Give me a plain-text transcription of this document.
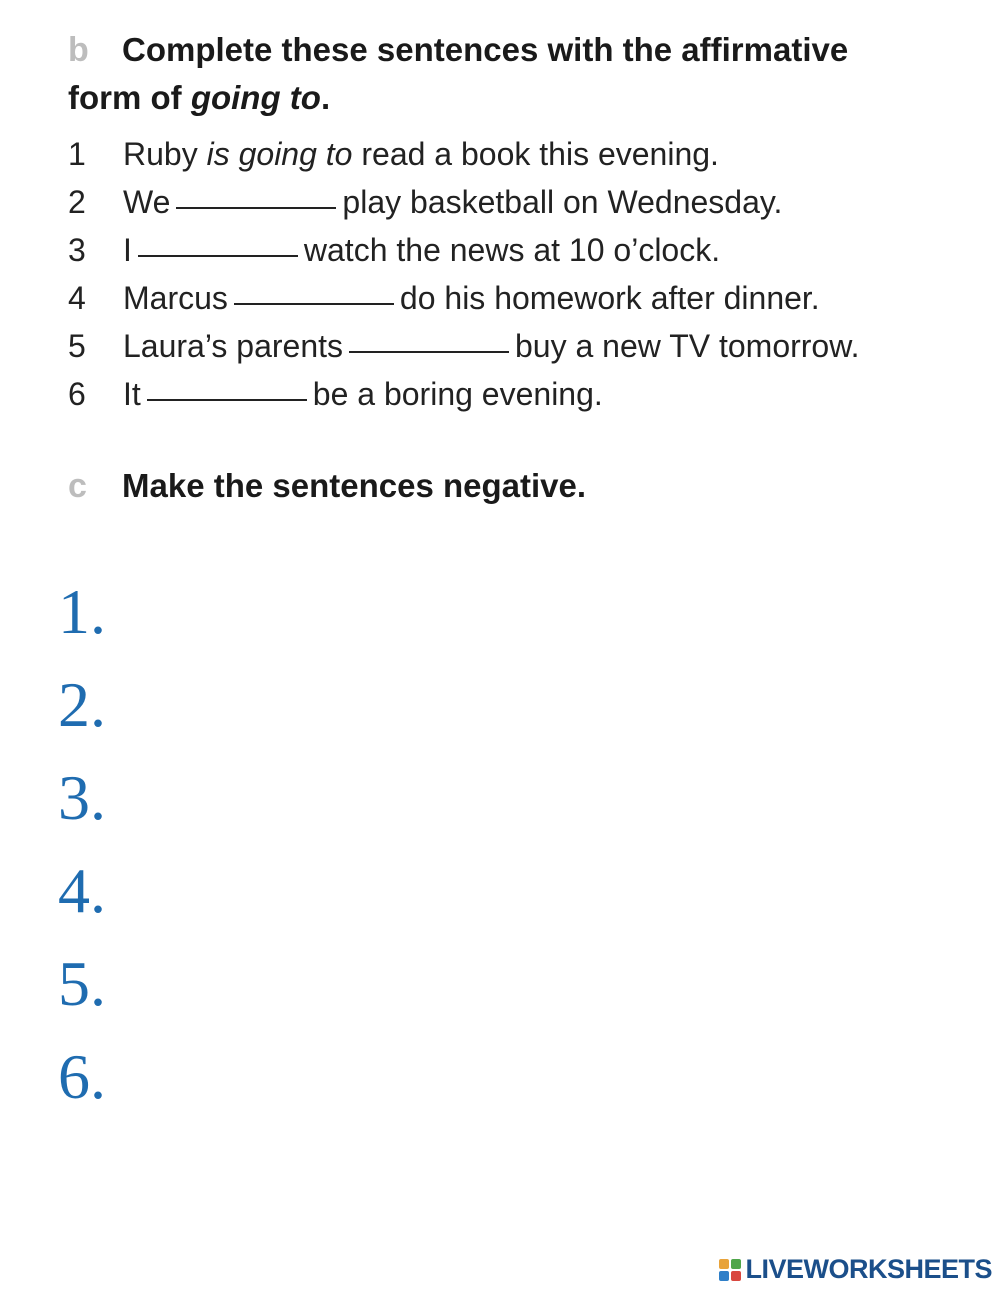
b Complete these sentences with the affirmative
form of going to.
1	Ruby is going to read a book this evening.
2	We	play basketball on Wednesday.
3	I	watch the news at 10 o’clock.
4	Marcus	do his homework after dinner.
5	Laura’s parents	buy a new TV tomorrow.
6	It	be a boring evening.
c Make the sentences negative.
1.
2.
3.
4.
5.
6.
LIVEWORKSHEETS
